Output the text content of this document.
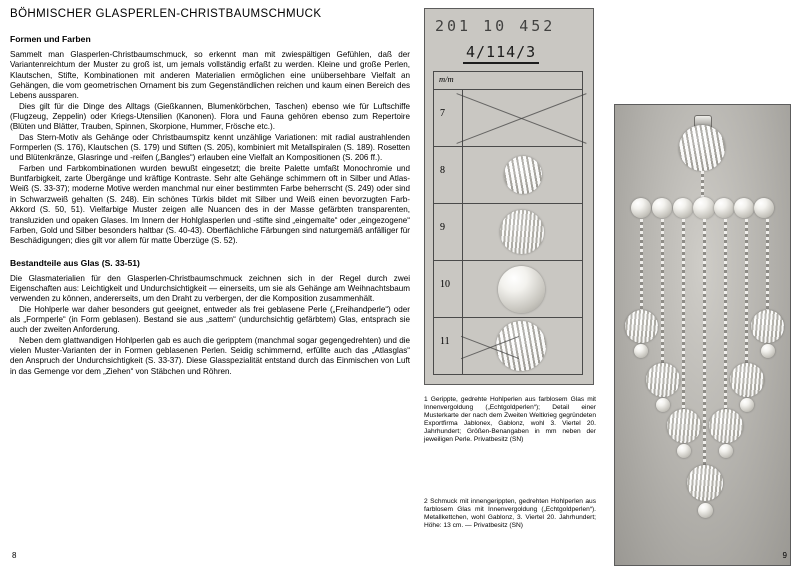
BÖHMISCHER GLASPERLEN-CHRISTBAUMSCHMUCK
Formen und Farben

Sammelt man Glasperlen-Christbaumschmuck, so erkennt man mit zwiespältigen Gefühlen, daß der Variantenreichtum der Muster zu groß ist, um jemals vollständig erfaßt zu werden. Kleine und große Perlen, Klautschen, Stifte, Kombinationen mit anderen Materialien ermöglichen eine unübersehbare Vielfalt an Gehängen, die vom geometrischen Ornament bis zum Gegenständlichen reichen und kaum einen Bereich des Lebens aussparen.

Dies gilt für die Dinge des Alltags (Gießkannen, Blumenkörbchen, Taschen) ebenso wie für Luftschiffe (Flugzeug, Zeppelin) oder Kriegs-Utensilien (Kanonen). Flora und Fauna gehören ebenso zum Repertoire (Blüten und Blätter, Trauben, Spinnen, Skorpione, Hummer, Frösche etc.).

Das Stern-Motiv als Gehänge oder Christbaumspitz kennt unzählige Variationen: mit radial austrahlenden Formperlen (S. 176), Klautschen (S. 179) und Stiften (S. 205), kombiniert mit Metallspiralen (S. 189). Rosetten und Blütenkränze, Glasringe und -reifen („Bangles“) erlauben eine Vielfalt an Kompositionen (S. 206 ff.).

Farben und Farbkombinationen wurden bewußt eingesetzt; die breite Palette umfaßt Monochromie und Buntfarbigkeit, zarte Übergänge und kräftige Kontraste. Sehr alte Gehänge schimmern oft in Silber und Atlas-Weiß (S. 33-37); moderne Motive werden manchmal nur einer bestimmten Farbe beherrscht (S. 249) oder sind in Schwarzweiß gehalten (S. 248). Ein schönes Türkis bildet mit Silber und Weiß einen bevorzugten Farb-Akkord (S. 50, 51). Vielfarbige Muster zeigen alle Nuancen des in der Masse gefärbten transparenten, transluziden und opaken Glases. Im Innern der Hohlglasperlen und -stifte sind „eingemalte“ oder „eingezogene“ Farben, Gold und Silber besonders haltbar (S. 40-43). Oberflächliche Färbungen sind naturgemäß anfälliger für Beschädigungen; dies gilt vor allem für matte Überzüge (S. 52).

Bestandteile aus Glas (S. 33-51)

Die Glasmaterialien für den Glasperlen-Christbaumschmuck zeichnen sich in der Regel durch zwei Eigenschaften aus: Leichtigkeit und Undurchsichtigkeit — einerseits, um sie als Gehänge am Weihnachtsbaum verwenden zu können, andererseits, um den Draht zu verbergen, der die Komposition zusammenhält.

Die Hohlperle war daher besonders gut geeignet, entweder als frei geblasene Perle („Freihandperle“) oder als „Formperle“ (in Form geblasen). Bestand sie aus „sattem“ (undurchsichtig gefärbtem) Glas, entsprach sie auch der zweiten Anforderung.

Neben dem glattwandigen Hohlperlen gab es auch die geripptem (manchmal sogar gegengedrehten) und die vielen Muster-Varianten der in Formen geblasenen Perlen. Seidig schimmernd, erfüllte auch das „Atlasglas“ den Anspruch der Undurchsichtigkeit (S. 33-37). Diese Glasspezialität entstand durch das Einmischen von Luft in das Gemenge vor dem „Ziehen“ von Stäbchen und Röhren.

201 10 452
4/114/3
m/m
7
8
9
10
11
1 Gerippte, gedrehte Hohlperlen aus farblosem Glas mit Innenvergoldung („Echtgoldperlen“); Detail einer Musterkarte der nach dem Zweiten Weltkrieg gegründeten Exportfirma Jablonex, Gablonz, wohl 3. Viertel 20. Jahrhundert; Größen-Benangaben in mm neben der jeweiligen Perle. Privatbesitz (SN)
2 Schmuck mit innengerippten, gedrehten Hohlperlen aus farblosem Glas mit Innenvergoldung („Echtgoldperlen“). Metallkettchen, wohl Gablonz, 3. Viertel 20. Jahrhundert; Höhe: 13 cm. — Privatbesitz (SN)
8	9
